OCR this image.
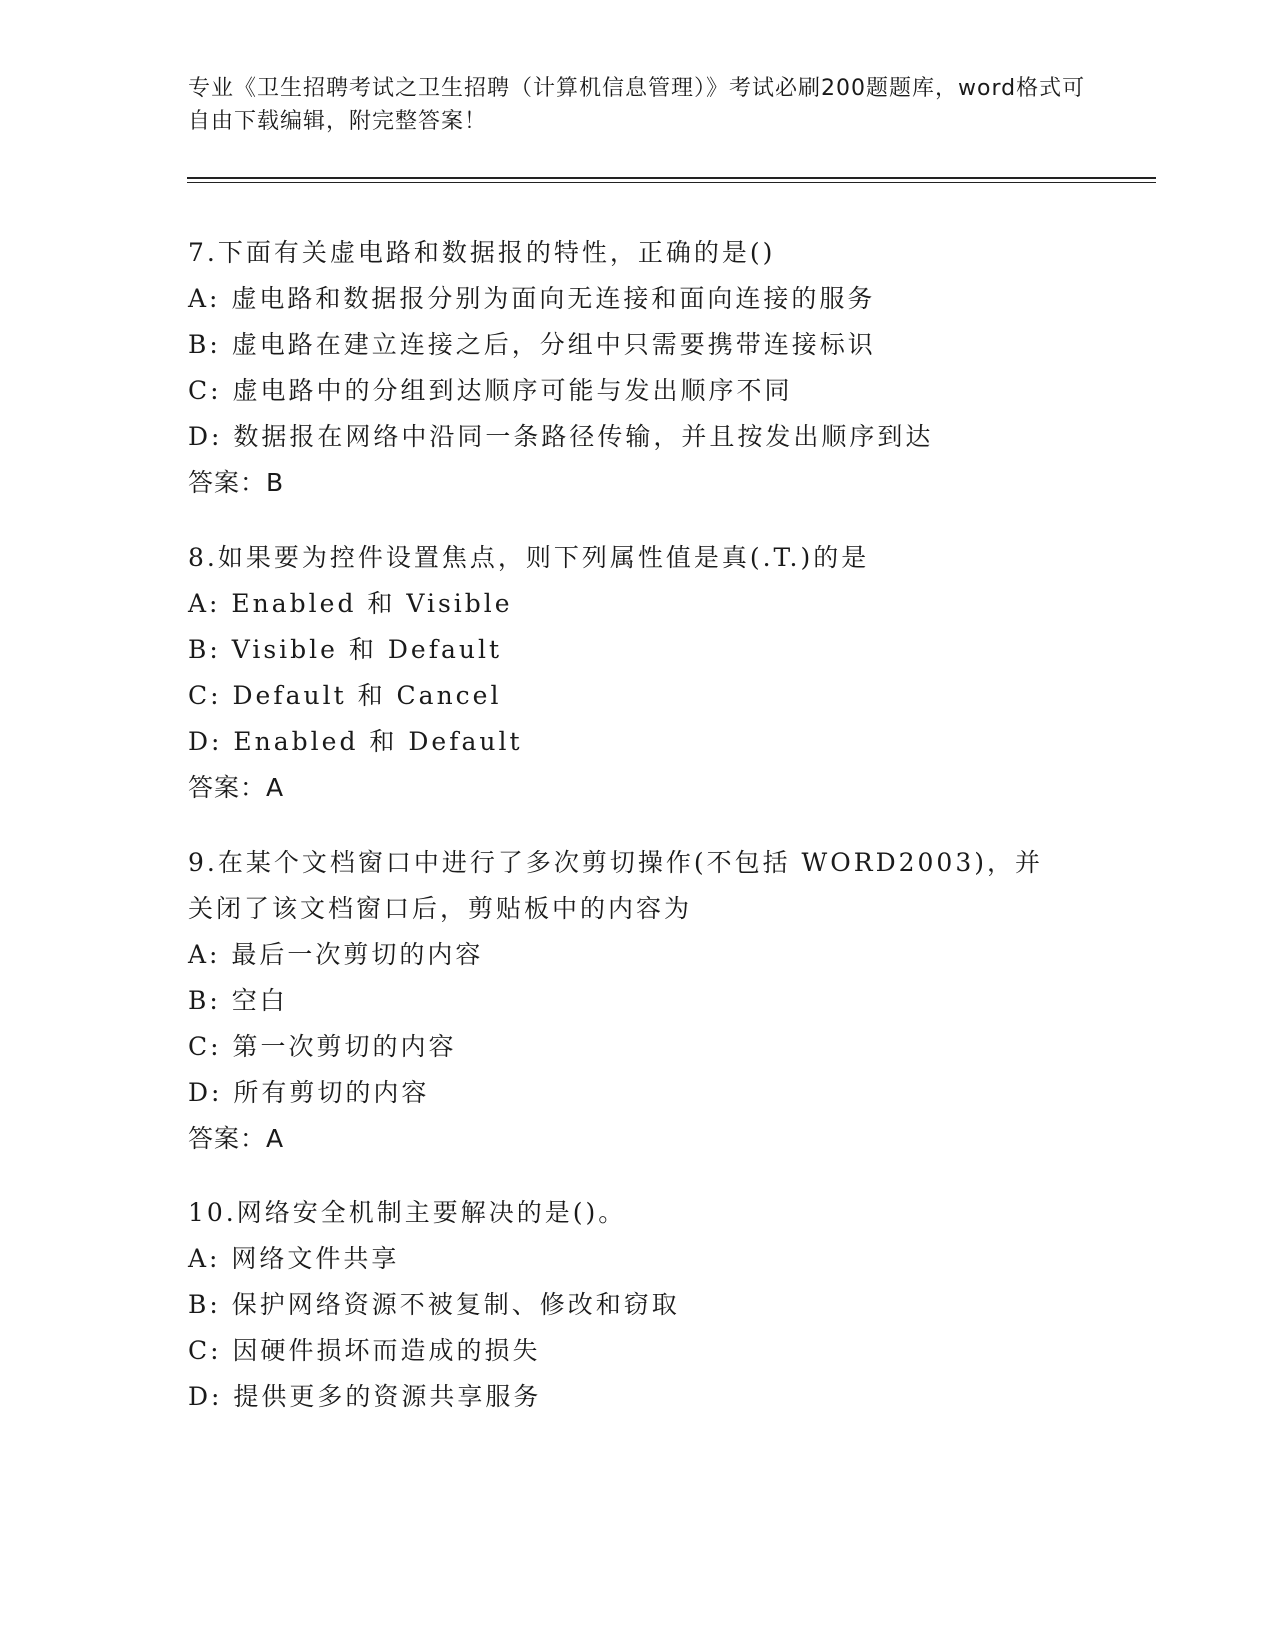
专业《卫生招聘考试之卫生招聘（计算机信息管理）》考试必刷200题题库，word格式可自由下载编辑，附完整答案！
7.下面有关虚电路和数据报的特性，正确的是()
A: 虚电路和数据报分别为面向无连接和面向连接的服务
B: 虚电路在建立连接之后，分组中只需要携带连接标识
C: 虚电路中的分组到达顺序可能与发出顺序不同
D: 数据报在网络中沿同一条路径传输，并且按发出顺序到达
答案：B
8.如果要为控件设置焦点，则下列属性值是真(.T.)的是
A: Enabled 和 Visible
B: Visible 和 Default
C: Default 和 Cancel
D: Enabled 和 Default
答案：A
9.在某个文档窗口中进行了多次剪切操作(不包括 WORD2003)，并关闭了该文档窗口后，剪贴板中的内容为
A: 最后一次剪切的内容
B: 空白
C: 第一次剪切的内容
D: 所有剪切的内容
答案：A
10.网络安全机制主要解决的是()。
A: 网络文件共享
B: 保护网络资源不被复制、修改和窃取
C: 因硬件损坏而造成的损失
D: 提供更多的资源共享服务
